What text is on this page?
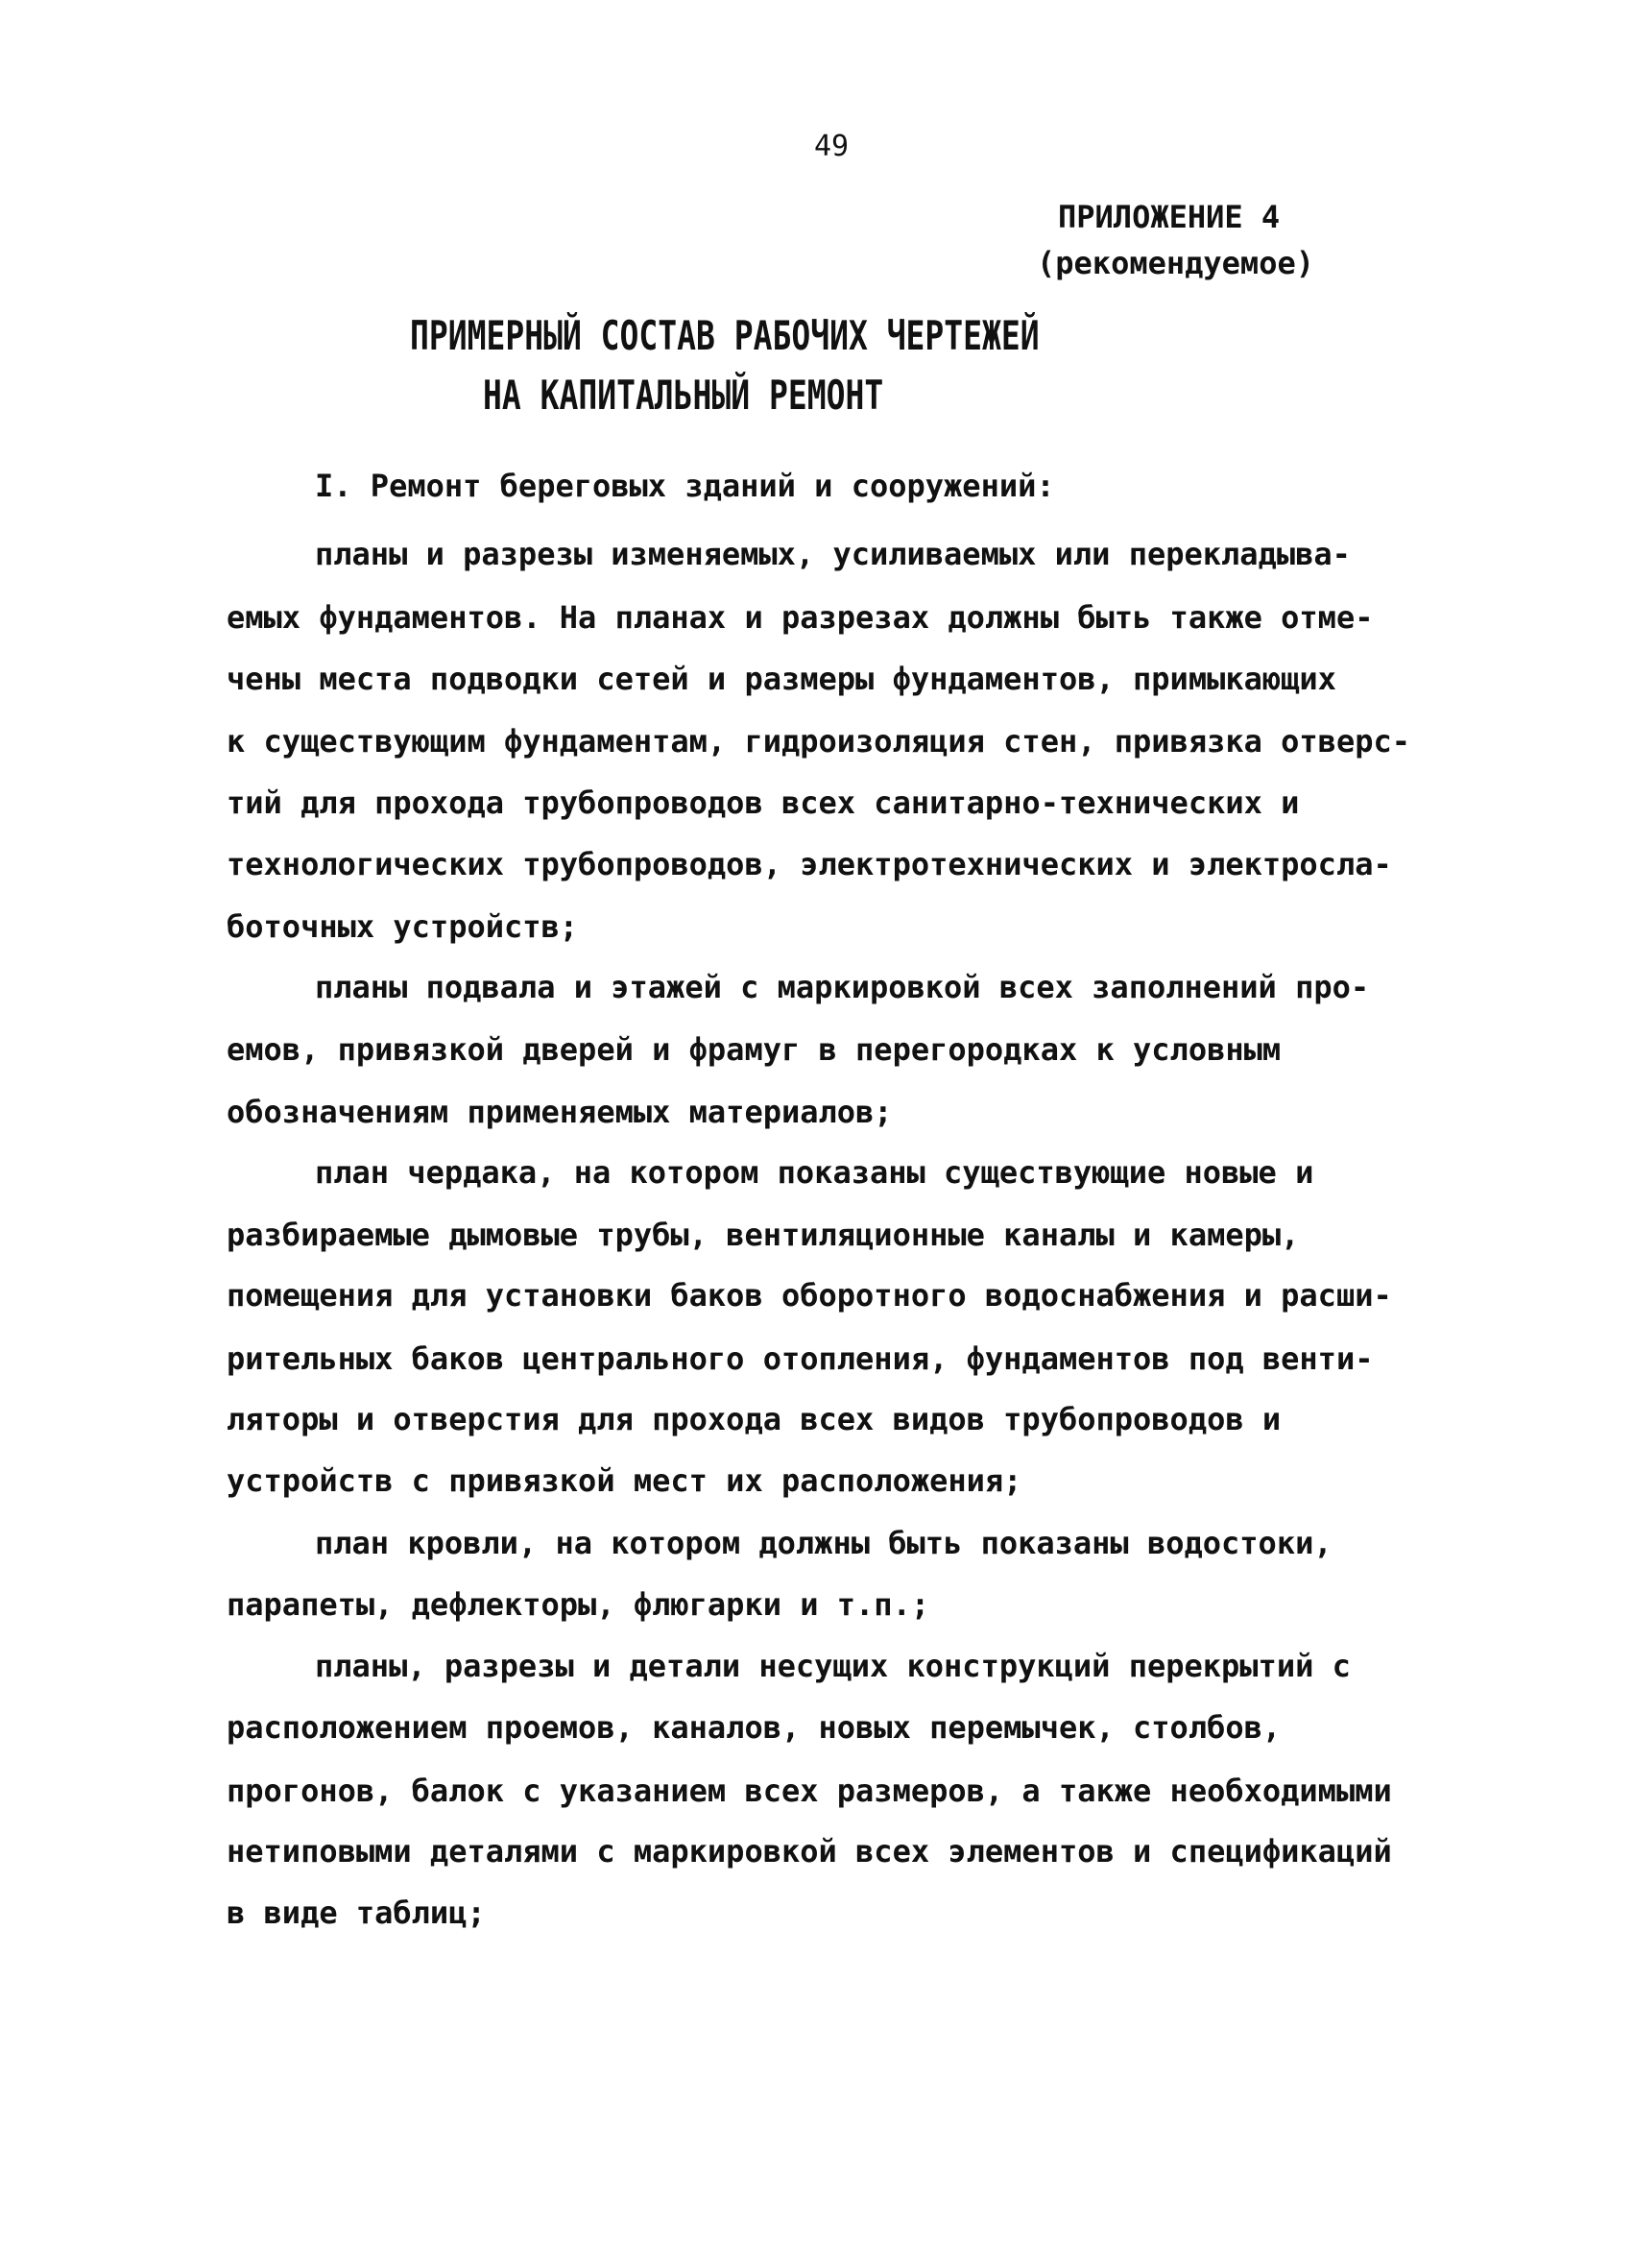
49
ПРИЛОЖЕНИЕ 4
(рекомендуемое)
ПРИМЕРНЫЙ СОСТАВ РАБОЧИХ ЧЕРТЕЖЕЙ
НА КАПИТАЛЬНЫЙ РЕМОНТ
I. Ремонт береговых зданий и сооружений:
планы и разрезы изменяемых, усиливаемых или перекладыва-
емых фундаментов. На планах и разрезах должны быть также отме-
чены места подводки сетей и размеры фундаментов, примыкающих
к существующим фундаментам, гидроизоляция стен, привязка отверс-
тий для прохода трубопроводов всех санитарно-технических и
технологических трубопроводов, электротехнических и электросла-
боточных устройств;
планы подвала и этажей с маркировкой всех заполнений про-
емов, привязкой дверей и фрамуг в перегородках к условным
обозначениям применяемых материалов;
план чердака, на котором показаны существующие новые и
разбираемые дымовые трубы, вентиляционные каналы и камеры,
помещения для установки баков оборотного водоснабжения и расши-
рительных баков центрального отопления, фундаментов под венти-
ляторы и отверстия для прохода всех видов трубопроводов и
устройств с привязкой мест их расположения;
план кровли, на котором должны быть показаны водостоки,
парапеты, дефлекторы, флюгарки и т.п.;
планы, разрезы и детали несущих конструкций перекрытий с
расположением проемов, каналов, новых перемычек, столбов,
прогонов, балок с указанием всех размеров, а также необходимыми
нетиповыми деталями с маркировкой всех элементов и спецификаций
в виде таблиц;
